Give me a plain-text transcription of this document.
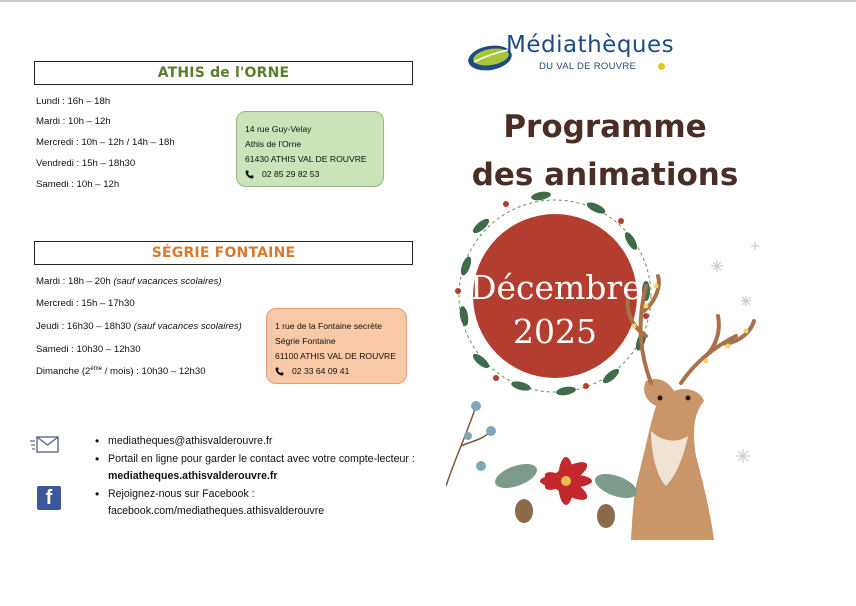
ATHIS de l'ORNE
Lundi : 16h – 18h
Mardi : 10h – 12h
Mercredi : 10h – 12h / 14h – 18h
Vendredi : 15h – 18h30
Samedi : 10h – 12h
14 rue Guy-Velay
Athis de l'Orne
61430 ATHIS VAL DE ROUVRE
02 85 29 82 53
SÉGRIE FONTAINE
Mardi : 18h – 20h (sauf vacances scolaires)
Mercredi : 15h – 17h30
Jeudi : 16h30 – 18h30 (sauf vacances scolaires)
Samedi : 10h30 – 12h30
Dimanche (2ème / mois) : 10h30 – 12h30
1 rue de la Fontaine secrète
Ségrie Fontaine
61100 ATHIS VAL DE ROUVRE
02 33 64 09 41
f
• mediatheques@athisvalderouvre.fr
• Portail en ligne pour garder le contact avec votre compte-lecteur : mediatheques.athisvalderouvre.fr
• Rejoignez-nous sur Facebook :
facebook.com/mediatheques.athisvalderouvre
Médiathèques
DU VAL DE ROUVRE
Programme
des animations
Décembre
2025
